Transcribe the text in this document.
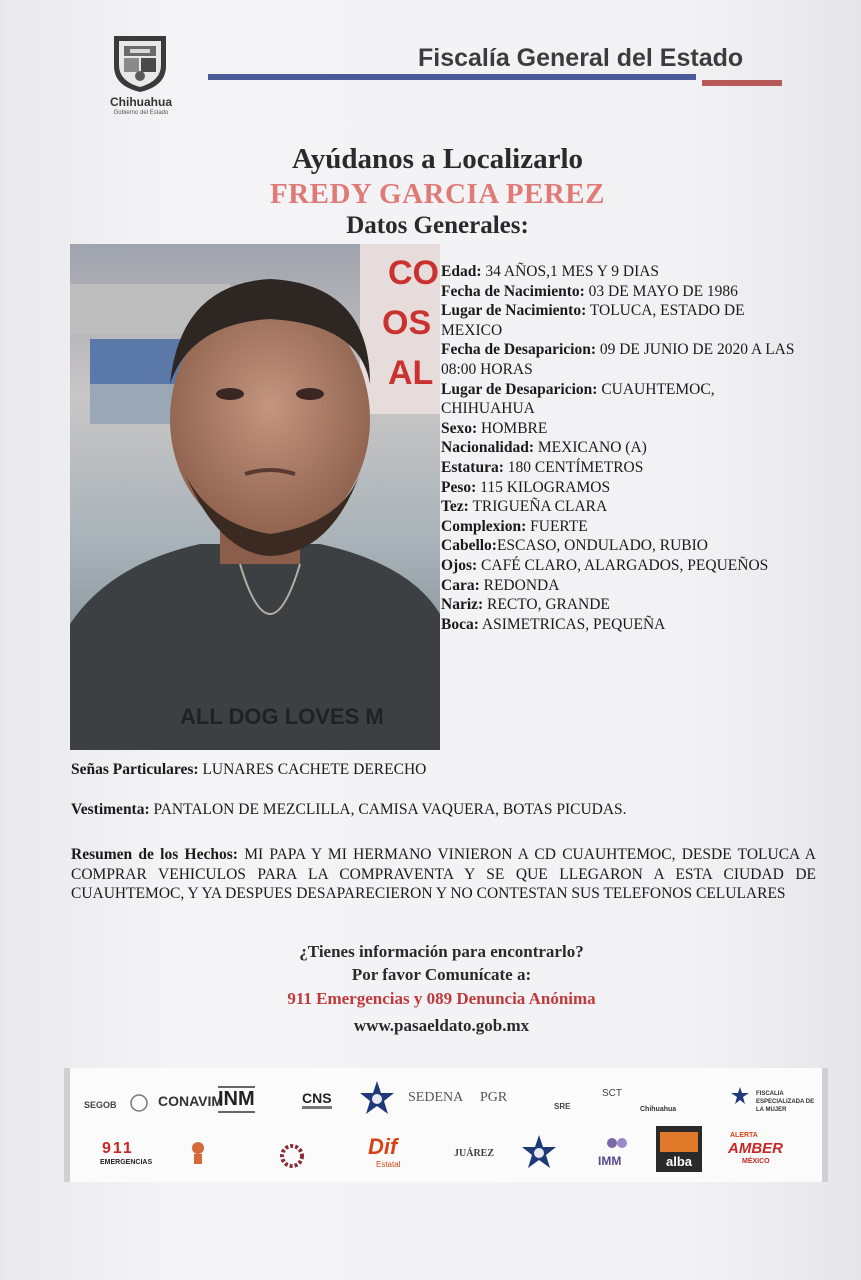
Chihuahua
Gobierno del Estado
Fiscalía General del Estado
Ayúdanos a Localizarlo
FREDY GARCIA PEREZ
Datos Generales:
CO
OS
AL
ALL DOG LOVES M
Edad: 34 AÑOS,1 MES Y 9 DIAS
Fecha de Nacimiento: 03 DE MAYO DE 1986
Lugar de Nacimiento: TOLUCA, ESTADO DE MEXICO
Fecha de Desaparicion: 09 DE JUNIO DE 2020 A LAS 08:00 HORAS
Lugar de Desaparicion: CUAUHTEMOC, CHIHUAHUA
Sexo: HOMBRE
Nacionalidad: MEXICANO (A)
Estatura: 180 CENTÍMETROS
Peso: 115 KILOGRAMOS
Tez: TRIGUEÑA CLARA
Complexion: FUERTE
Cabello:ESCASO, ONDULADO, RUBIO
Ojos: CAFÉ CLARO, ALARGADOS, PEQUEÑOS
Cara: REDONDA
Nariz: RECTO, GRANDE
Boca: ASIMETRICAS, PEQUEÑA
Señas Particulares: LUNARES CACHETE DERECHO
Vestimenta: PANTALON DE MEZCLILLA, CAMISA VAQUERA, BOTAS PICUDAS.
Resumen de los Hechos: MI PAPA Y MI HERMANO VINIERON A CD CUAUHTEMOC, DESDE TOLUCA A COMPRAR VEHICULOS PARA LA COMPRAVENTA Y SE QUE LLEGARON A ESTA CIUDAD DE CUAUHTEMOC, Y YA DESPUES DESAPARECIERON Y NO CONTESTAN SUS TELEFONOS CELULARES
¿Tienes información para encontrarlo?
Por favor Comunícate a:
911 Emergencias y 089 Denuncia Anónima
www.pasaeldato.gob.mx
SEGOB	CONAVIM
INM	CNS	SEDENA PGR
SRE
SCT
Chihuahua
FISCALIA ESPECIALIZADA DE LA MUJER
911
EMERGENCIAS
Dif
Estatal
JUÁREZ
IMM	alba
ALERTA
AMBER
MÉXICO
